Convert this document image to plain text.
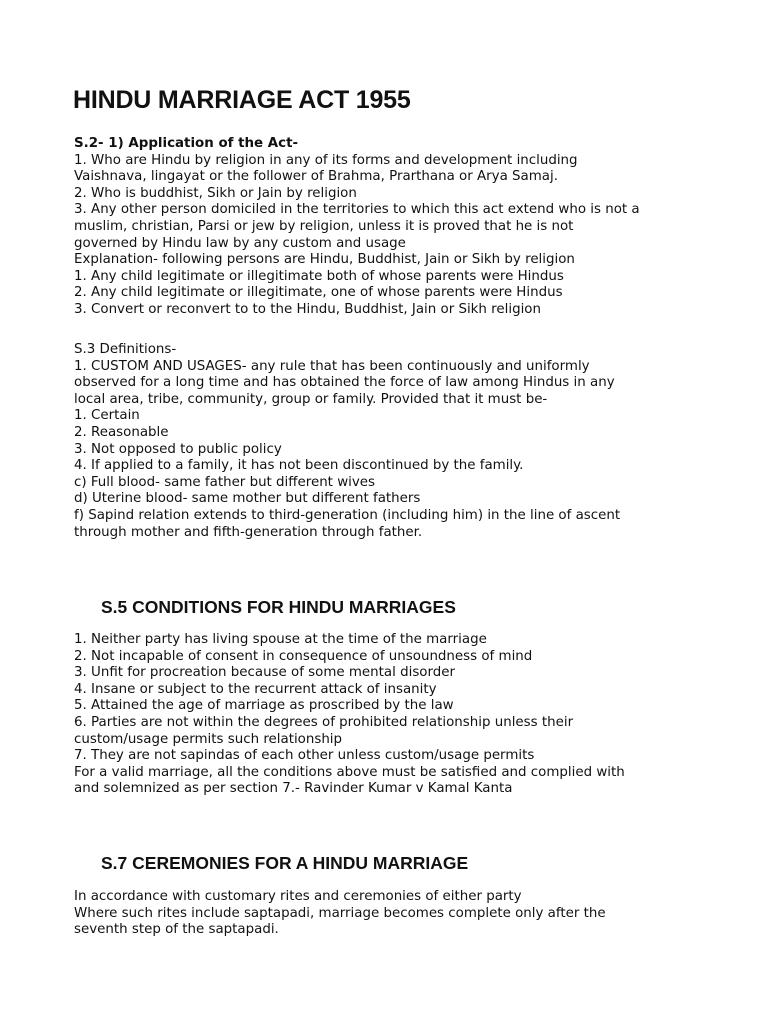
HINDU MARRIAGE ACT 1955
S.2- 1) Application of the Act-
1. Who are Hindu by religion in any of its forms and development including
Vaishnava, lingayat or the follower of Brahma, Prarthana or Arya Samaj.
2. Who is buddhist, Sikh or Jain by religion
3. Any other person domiciled in the territories to which this act extend who is not a
muslim, christian, Parsi or jew by religion, unless it is proved that he is not
governed by Hindu law by any custom and usage
Explanation- following persons are Hindu, Buddhist, Jain or Sikh by religion
1. Any child legitimate or illegitimate both of whose parents were Hindus
2. Any child legitimate or illegitimate, one of whose parents were Hindus
3. Convert or reconvert to to the Hindu, Buddhist, Jain or Sikh religion
S.3 Definitions-
1. CUSTOM AND USAGES- any rule that has been continuously and uniformly
observed for a long time and has obtained the force of law among Hindus in any
local area, tribe, community, group or family. Provided that it must be-
1. Certain
2. Reasonable
3. Not opposed to public policy
4. If applied to a family, it has not been discontinued by the family.
c) Full blood- same father but different wives
d) Uterine blood- same mother but different fathers
f) Sapind relation extends to third-generation (including him) in the line of ascent
through mother and fifth-generation through father.
S.5 CONDITIONS FOR HINDU MARRIAGES
1. Neither party has living spouse at the time of the marriage
2. Not incapable of consent in consequence of unsoundness of mind
3. Unfit for procreation because of some mental disorder
4. Insane or subject to the recurrent attack of insanity
5. Attained the age of marriage as proscribed by the law
6. Parties are not within the degrees of prohibited relationship unless their
custom/usage permits such relationship
7. They are not sapindas of each other unless custom/usage permits
For a valid marriage, all the conditions above must be satisfied and complied with
and solemnized as per section 7.- Ravinder Kumar v Kamal Kanta
S.7 CEREMONIES FOR A HINDU MARRIAGE
In accordance with customary rites and ceremonies of either party
Where such rites include saptapadi, marriage becomes complete only after the
seventh step of the saptapadi.
